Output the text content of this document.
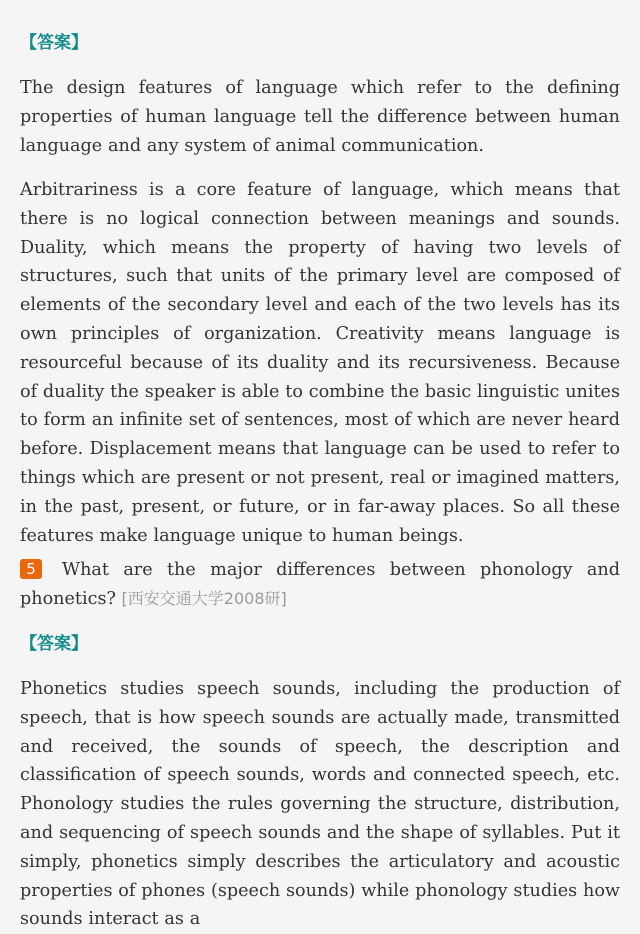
【答案】

The design features of language which refer to the defining properties of human language tell the difference between human language and any system of animal communication.

Arbitrariness is a core feature of language, which means that there is no logical connection between meanings and sounds. Duality, which means the property of having two levels of structures, such that units of the primary level are composed of elements of the secondary level and each of the two levels has its own principles of organization. Creativity means language is resourceful because of its duality and its recursiveness. Because of duality the speaker is able to combine the basic linguistic unites to form an infinite set of sentences, most of which are never heard before. Displacement means that language can be used to refer to things which are present or not present, real or imagined matters, in the past, present, or future, or in far-away places. So all these features make language unique to human beings.

5 What are the major differences between phonology and phonetics? [西安交通大学2008研]

【答案】

Phonetics studies speech sounds, including the production of speech, that is how speech sounds are actually made, transmitted and received, the sounds of speech, the description and classification of speech sounds, words and connected speech, etc. Phonology studies the rules governing the structure, distribution, and sequencing of speech sounds and the shape of syllables. Put it simply, phonetics simply describes the articulatory and acoustic properties of phones (speech sounds) while phonology studies how sounds interact as a
